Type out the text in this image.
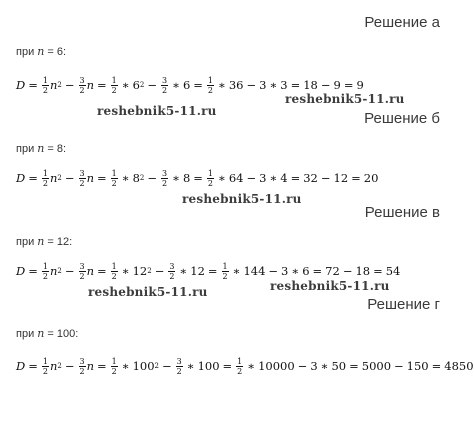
Решение а
при n = 6:
$D = \frac{1}{2}$ n $2 - \frac{3}{2}$ $n = \frac{1}{2}$ ∗ 6 $2 - \frac{3}{2}$ ∗ $6 = \frac{1}{2}$ ∗ 36 − 3 ∗ 3 = 18 − 9 = 9
reshebnik5-11.ru
reshebnik5-11.ru	Решение б
при n = 8:
$D = \frac{1}{2}$ n $2 - \frac{3}{2}$ $n = \frac{1}{2}$ ∗ 8 $2 - \frac{3}{2}$ ∗ $8 = \frac{1}{2}$ ∗ 64 − 3 ∗ 4 = 32 − 12 = 20
reshebnik5-11.ru
Решение в
при n = 12:
$D = \frac{1}{2}$ n $2 - \frac{3}{2}$ $n = \frac{1}{2}$ ∗ 12 $2 - \frac{3}{2}$ ∗ $12 = \frac{1}{2}$ ∗ 144 − 3 ∗ 6 = 72 − 18 = 54
reshebnik5-11.ru
reshebnik5-11.ru
Решение г
при n = 100:
$D = \frac{1}{2}$ n $2 - \frac{3}{2}$ $n = \frac{1}{2}$ ∗ 100 $2 - \frac{3}{2}$ ∗ $100 = \frac{1}{2}$ ∗ 10000 − 3 ∗ 50 = 5000 − 150 = 4850
